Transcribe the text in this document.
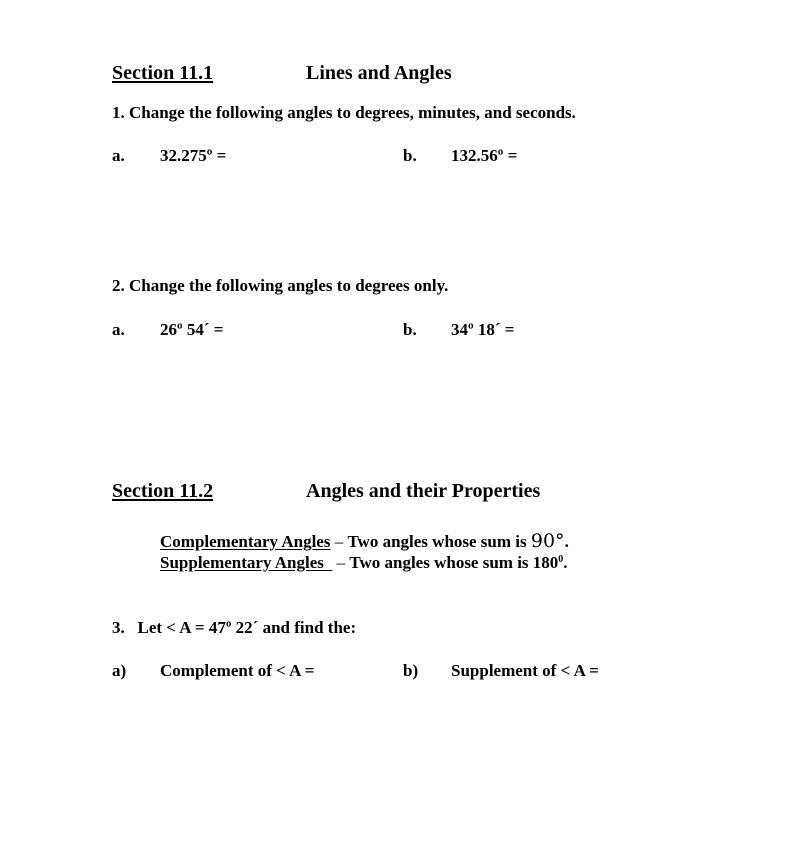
Section 11.1	Lines and Angles
1. Change the following angles to degrees, minutes, and seconds.
a. 32.275º =	b. 132.56º =
2. Change the following angles to degrees only.
a. 26º 54´ =	b. 34º 18´ =
Section 11.2	Angles and their Properties
Complementary Angles – Two angles whose sum is 90°.
Supplementary Angles   – Two angles whose sum is $180^0$.
3.   Let < A = 47º 22´ and find the:
a) Complement of < A =	b) Supplement of < A =
